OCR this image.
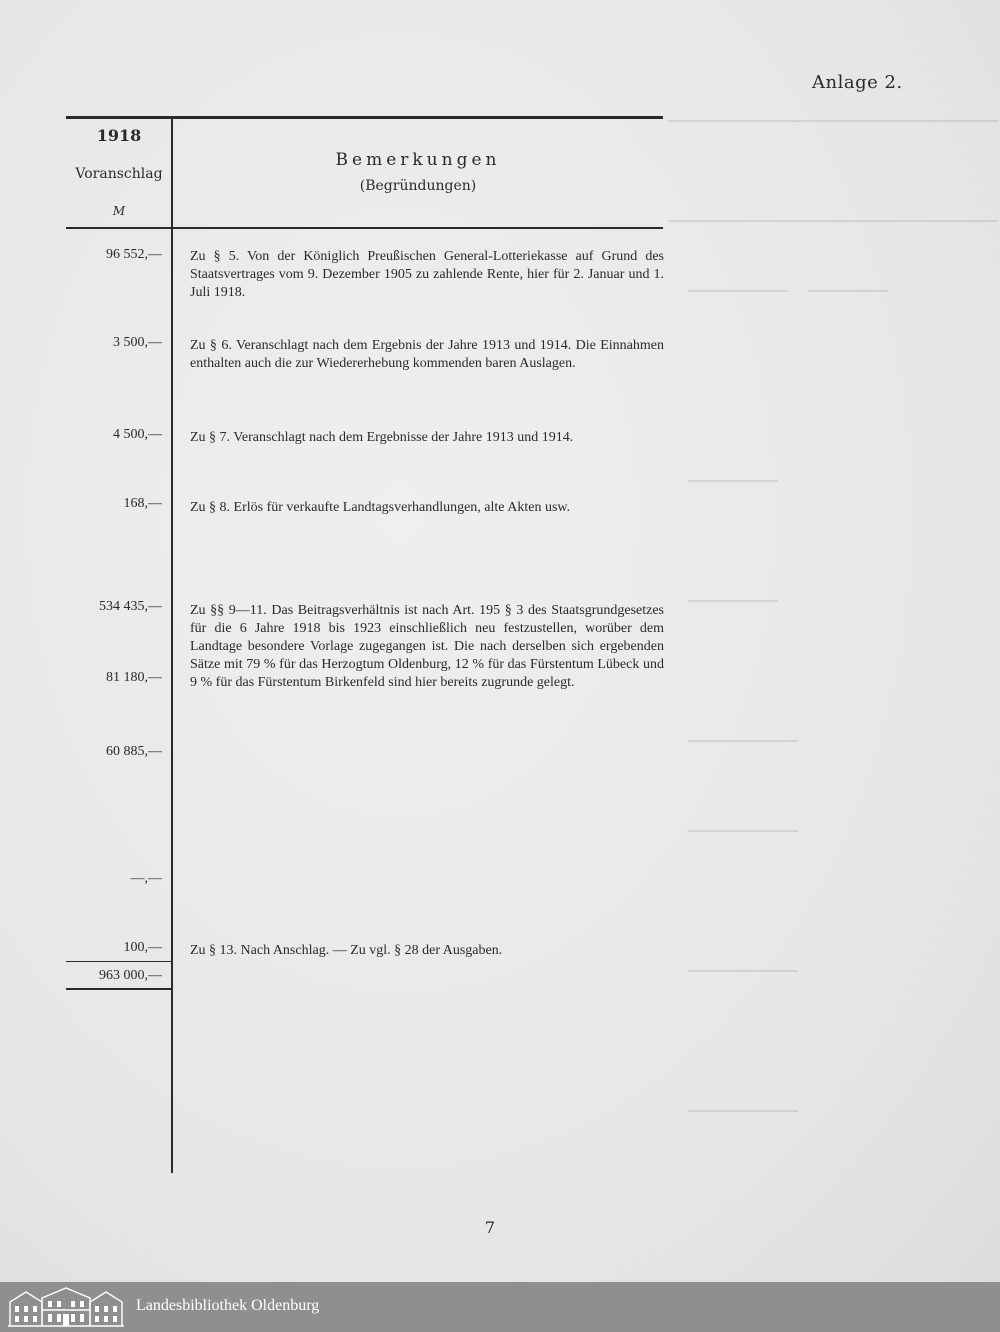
Anlage 2.
1918
Voranschlag
M
Bemerkungen
(Begründungen)
96 552,—
3 500,—
4 500,—
168,—
534 435,—
81 180,—
60 885,—
—,—
100,—
963 000,—
Zu § 5. Von der Königlich Preußischen General-Lotteriekasse auf Grund des Staatsvertrages vom 9. Dezember 1905 zu zahlende Rente, hier für 2. Januar und 1. Juli 1918.
Zu § 6. Veranschlagt nach dem Ergebnis der Jahre 1913 und 1914. Die Einnahmen enthalten auch die zur Wiedererhebung kommenden baren Auslagen.
Zu § 7. Veranschlagt nach dem Ergebnisse der Jahre 1913 und 1914.
Zu § 8. Erlös für verkaufte Landtagsverhandlungen, alte Akten usw.
Zu §§ 9—11. Das Beitragsverhältnis ist nach Art. 195 § 3 des Staatsgrundgesetzes für die 6 Jahre 1918 bis 1923 einschließlich neu festzustellen, worüber dem Landtage besondere Vorlage zugegangen ist. Die nach derselben sich ergebenden Sätze mit 79 % für das Herzogtum Oldenburg, 12 % für das Fürstentum Lübeck und 9 % für das Fürstentum Birkenfeld sind hier bereits zugrunde gelegt.
Zu § 13. Nach Anschlag. — Zu vgl. § 28 der Ausgaben.
7
Landesbibliothek Oldenburg
